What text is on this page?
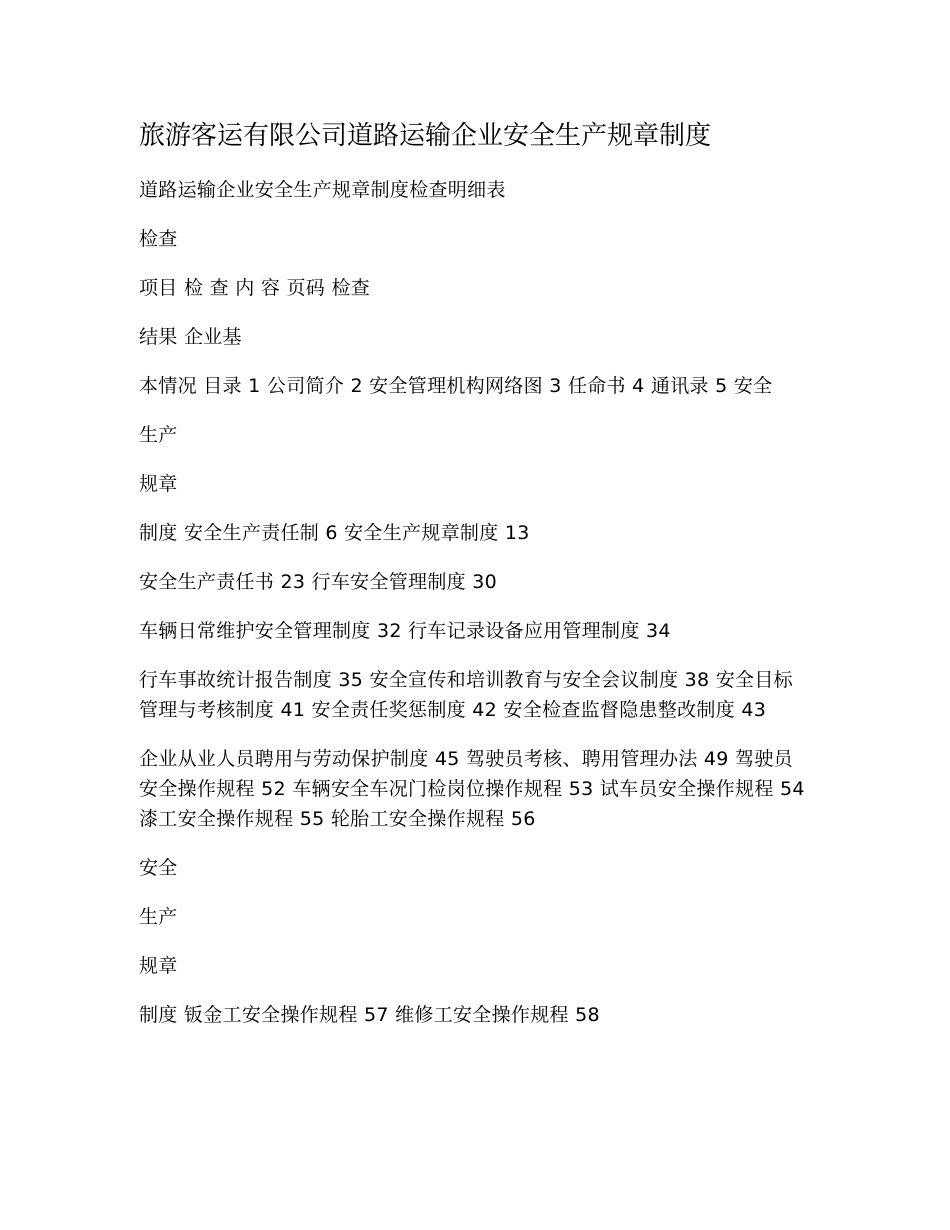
旅游客运有限公司道路运输企业安全生产规章制度

道路运输企业安全生产规章制度检查明细表

检查

项目 检 查 内 容 页码 检查

结果 企业基

本情况 目录 1 公司简介 2 安全管理机构网络图 3 任命书 4 通讯录 5 安全

生产

规章

制度 安全生产责任制 6 安全生产规章制度 13

安全生产责任书 23 行车安全管理制度 30

车辆日常维护安全管理制度 32 行车记录设备应用管理制度 34

行车事故统计报告制度 35 安全宣传和培训教育与安全会议制度 38 安全目标管理与考核制度 41 安全责任奖惩制度 42 安全检查监督隐患整改制度 43

企业从业人员聘用与劳动保护制度 45 驾驶员考核、聘用管理办法 49 驾驶员安全操作规程 52 车辆安全车况门检岗位操作规程 53 试车员安全操作规程 54 漆工安全操作规程 55 轮胎工安全操作规程 56

安全

生产

规章

制度 钣金工安全操作规程 57 维修工安全操作规程 58
